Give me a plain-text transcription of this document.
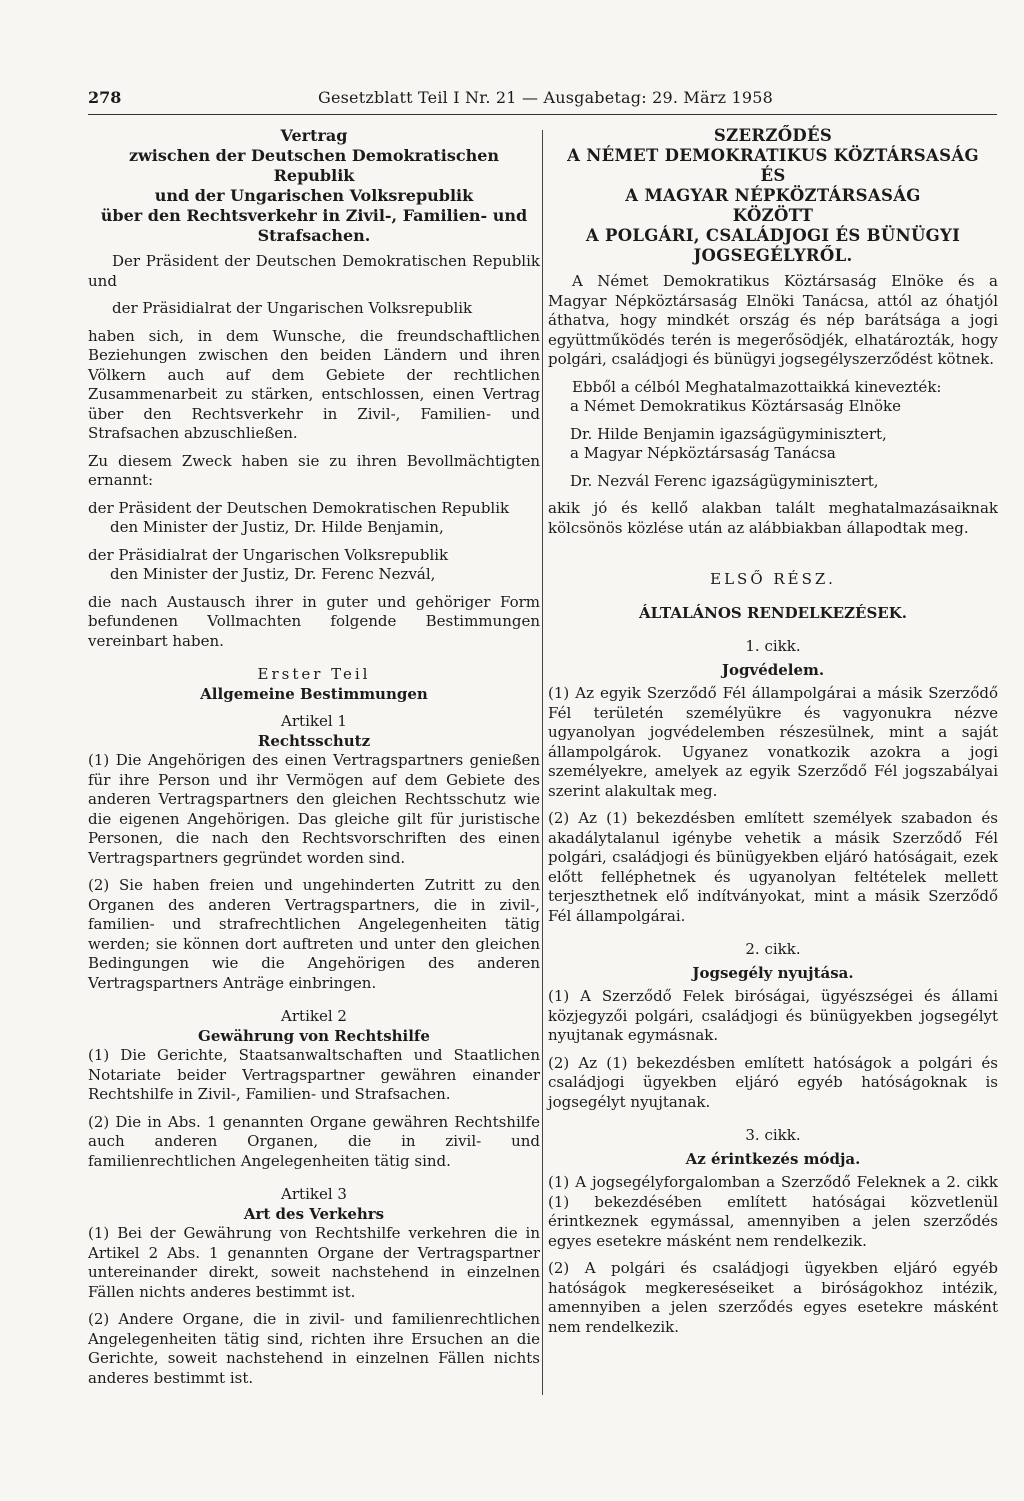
278	Gesetzblatt Teil I Nr. 21 — Ausgabetag: 29. März 1958

Vertrag

zwischen der Deutschen Demokratischen Republik

und der Ungarischen Volksrepublik

über den Rechtsverkehr in Zivil-, Familien- und

Strafsachen.

Der Präsident der Deutschen Demokratischen Republik und

der Präsidialrat der Ungarischen Volksrepublik

haben sich, in dem Wunsche, die freundschaftlichen Beziehungen zwischen den beiden Ländern und ihren Völkern auch auf dem Gebiete der rechtlichen Zusammenarbeit zu stärken, entschlossen, einen Vertrag über den Rechtsverkehr in Zivil-, Familien- und Strafsachen abzuschließen.

Zu diesem Zweck haben sie zu ihren Bevollmächtigten ernannt:

der Präsident der Deutschen Demokratischen Republik

den Minister der Justiz, Dr. Hilde Benjamin,

der Präsidialrat der Ungarischen Volksrepublik

den Minister der Justiz, Dr. Ferenc Nezvál,

die nach Austausch ihrer in guter und gehöriger Form befundenen Vollmachten folgende Bestimmungen vereinbart haben.

Erster Teil

Allgemeine Bestimmungen

Artikel 1

Rechtsschutz

(1) Die Angehörigen des einen Vertragspartners genießen für ihre Person und ihr Vermögen auf dem Gebiete des anderen Vertragspartners den gleichen Rechtsschutz wie die eigenen Angehörigen. Das gleiche gilt für juristische Personen, die nach den Rechtsvorschriften des einen Vertragspartners gegründet worden sind.

(2) Sie haben freien und ungehinderten Zutritt zu den Organen des anderen Vertragspartners, die in zivil-, familien- und strafrechtlichen Angelegenheiten tätig werden; sie können dort auftreten und unter den gleichen Bedingungen wie die Angehörigen des anderen Vertragspartners Anträge einbringen.

Artikel 2

Gewährung von Rechtshilfe

(1) Die Gerichte, Staatsanwaltschaften und Staatlichen Notariate beider Vertragspartner gewähren einander Rechtshilfe in Zivil-, Familien- und Strafsachen.

(2) Die in Abs. 1 genannten Organe gewähren Rechtshilfe auch anderen Organen, die in zivil- und familienrechtlichen Angelegenheiten tätig sind.

Artikel 3

Art des Verkehrs

(1) Bei der Gewährung von Rechtshilfe verkehren die in Artikel 2 Abs. 1 genannten Organe der Vertragspartner untereinander direkt, soweit nachstehend in einzelnen Fällen nichts anderes bestimmt ist.

(2) Andere Organe, die in zivil- und familienrechtlichen Angelegenheiten tätig sind, richten ihre Ersuchen an die Gerichte, soweit nachstehend in einzelnen Fällen nichts anderes bestimmt ist.

SZERZŐDÉS

A NÉMET DEMOKRATIKUS KÖZTÁRSASÁG

ÉS

A MAGYAR NÉPKÖZTÁRSASÁG

KÖZÖTT

A POLGÁRI, CSALÁDJOGI ÉS BÜNÜGYI

JOGSEGÉLYRŐL.

A Német Demokratikus Köztársaság Elnöke és a Magyar Népköztársaság Elnöki Tanácsa, attól az óhatjól áthatva, hogy mindkét ország és nép barátsága a jogi együttműködés terén is megerősödjék, elhatározták, hogy polgári, családjogi és bünügyi jogsegélyszerződést kötnek.

Ebből a célból Meghatalmazottaikká kinevezték:

a Német Demokratikus Köztársaság Elnöke

Dr. Hilde Benjamin igazságügyminisztert,

a Magyar Népköztársaság Tanácsa

Dr. Nezvál Ferenc igazságügyminisztert,

akik jó és kellő alakban talált meghatalmazásaiknak kölcsönös közlése után az alábbiakban állapodtak meg.

ELSŐ RÉSZ.

ÁLTALÁNOS RENDELKEZÉSEK.

1. cikk.

Jogvédelem.

(1) Az egyik Szerződő Fél állampolgárai a másik Szerződő Fél területén személyükre és vagyonukra nézve ugyanolyan jogvédelemben részesülnek, mint a saját állampolgárok. Ugyanez vonatkozik azokra a jogi személyekre, amelyek az egyik Szerződő Fél jogszabályai szerint alakultak meg.

(2) Az (1) bekezdésben említett személyek szabadon és akadálytalanul igénybe vehetik a másik Szerződő Fél polgári, családjogi és bünügyekben eljáró hatóságait, ezek előtt felléphetnek és ugyanolyan feltételek mellett terjeszthetnek elő indítványokat, mint a másik Szerződő Fél állampolgárai.

2. cikk.

Jogsegély nyujtása.

(1) A Szerződő Felek biróságai, ügyészségei és állami közjegyzői polgári, családjogi és bünügyekben jogsegélyt nyujtanak egymásnak.

(2) Az (1) bekezdésben említett hatóságok a polgári és családjogi ügyekben eljáró egyéb hatóságoknak is jogsegélyt nyujtanak.

3. cikk.

Az érintkezés módja.

(1) A jogsegélyforgalomban a Szerződő Feleknek a 2. cikk (1) bekezdésében említett hatóságai közvetlenül érintkeznek egymással, amennyiben a jelen szerződés egyes esetekre másként nem rendelkezik.

(2) A polgári és családjogi ügyekben eljáró egyéb hatóságok megkereséseiket a biróságokhoz intézik, amennyiben a jelen szerződés egyes esetekre másként nem rendelkezik.
